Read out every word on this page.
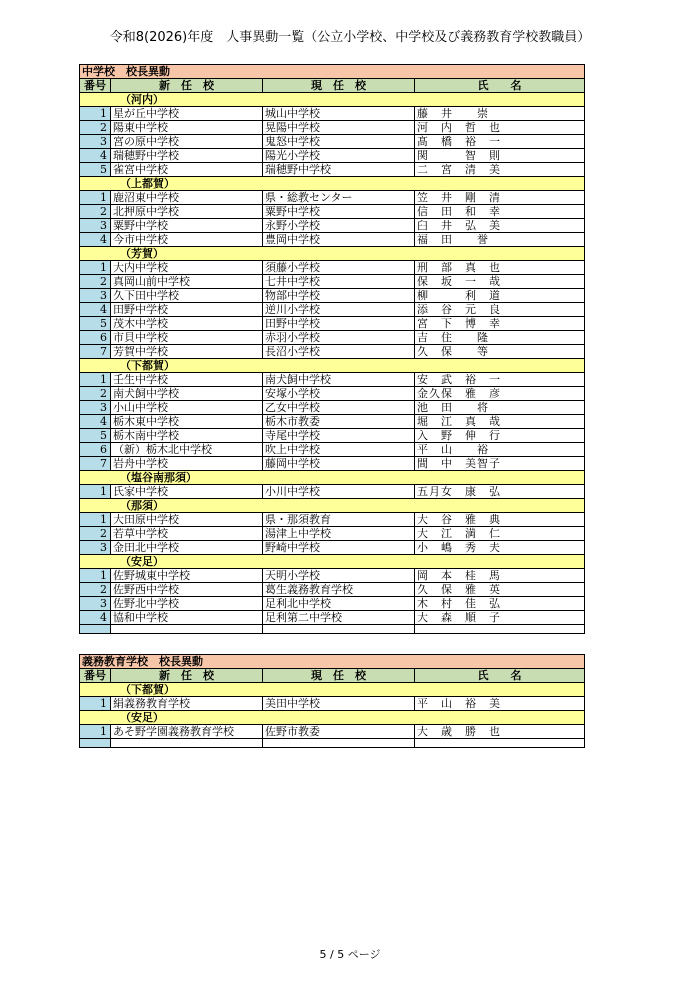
令和8(2026)年度　人事異動一覧（公立小学校、中学校及び義務教育学校教職員）
中学校　校長異動			
番号	新　任　校	現　任　校	氏　　名
（河内）			
1	星が丘中学校	城山中学校	藤　井　　崇
2	陽東中学校	晃陽中学校	河　内　哲　也
3	宮の原中学校	鬼怒中学校	髙　橋　裕　一
4	瑞穂野中学校	陽光小学校	関　　　智　則
5	雀宮中学校	瑞穂野中学校	二　宮　清　美
（上都賀）			
1	鹿沼東中学校	県・総教センター	笠　井　剛　清
2	北押原中学校	粟野中学校	信　田　和　幸
3	粟野中学校	永野小学校	臼　井　弘　美
4	今市中学校	豊岡中学校	福　田　　誉
（芳賀）			
1	大内中学校	須藤小学校	刑　部　真　也
2	真岡山前中学校	七井中学校	保　坂　一　哉
3	久下田中学校	物部中学校	柳　　　利　道
4	田野中学校	逆川小学校	添　谷　元　良
5	茂木中学校	田野中学校	宮　下　博　幸
6	市貝中学校	赤羽小学校	吉　住　　隆
7	芳賀中学校	長沼小学校	久　保　　等
（下都賀）			
1	壬生中学校	南犬飼中学校	安　武　裕　一
2	南犬飼中学校	安塚小学校	金久保　雅　彦
3	小山中学校	乙女中学校	池　田　　将
4	栃木東中学校	栃木市教委	堀　江　真　哉
5	栃木南中学校	寺尾中学校	入　野　伸　行
6	（新）栃木北中学校	吹上中学校	平　山　　裕
7	岩舟中学校	藤岡中学校	間　中　美智子
（塩谷南那須）			
1	氏家中学校	小川中学校	五月女　康　弘
（那須）			
1	大田原中学校	県・那須教育	大　谷　雅　典
2	若草中学校	湯津上中学校	大　江　満　仁
3	金田北中学校	野崎中学校	小　嶋　秀　夫
（安足）			
1	佐野城東中学校	天明小学校	岡　本　桂　馬
2	佐野西中学校	葛生義務教育学校	久　保　雅　英
3	佐野北中学校	足利北中学校	木　村　佳　弘
4	協和中学校	足利第二中学校	大　森　順　子

義務教育学校　校長異動			
番号	新　任　校	現　任　校	氏　　名
（下都賀）			
1	絹義務教育学校	美田中学校	平　山　裕　美
（安足）			
1	あそ野学園義務教育学校	佐野市教委	大　歳　勝　也

5 / 5 ページ
